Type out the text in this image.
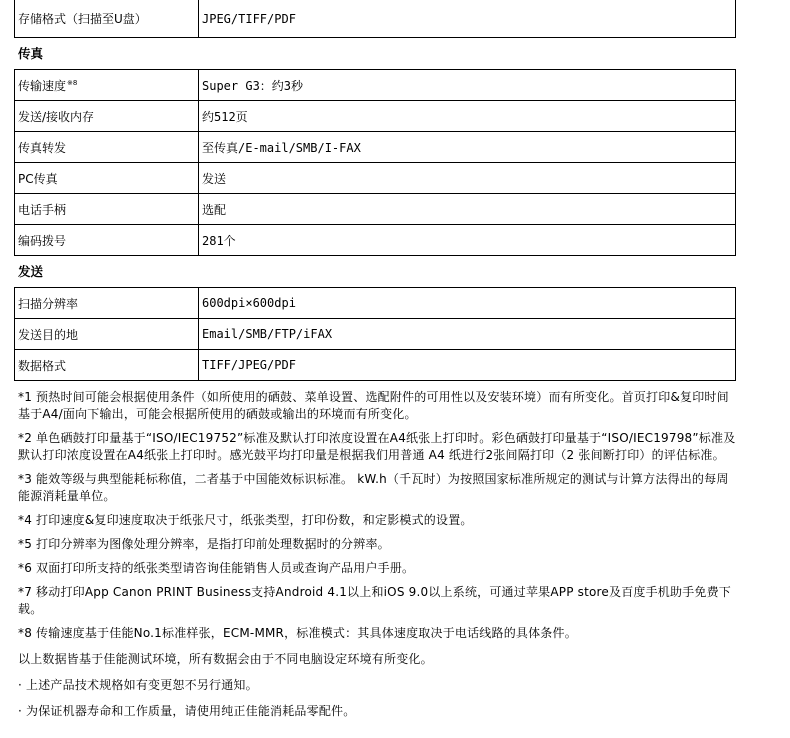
存储格式（扫描至U盘）	JPEG/TIFF/PDF
传真
传输速度$^{※8}$	Super G3：约3秒
发送/接收内存	约512页
传真转发	至传真/E-mail/SMB/I-FAX
PC传真	发送
电话手柄	选配
编码拨号	281个
发送
扫描分辨率	600dpi×600dpi
发送目的地	Email/SMB/FTP/iFAX
数据格式	TIFF/JPEG/PDF

*1 预热时间可能会根据使用条件（如所使用的硒鼓、菜单设置、选配附件的可用性以及安装环境）而有所变化。首页打印&复印时间基于A4/面向下输出，可能会根据所使用的硒鼓或输出的环境而有所变化。

*2 单色硒鼓打印量基于“ISO/IEC19752”标准及默认打印浓度设置在A4纸张上打印时。彩色硒鼓打印量基于“ISO/IEC19798”标准及默认打印浓度设置在A4纸张上打印时。感光鼓平均打印量是根据我们用普通 A4 纸进行2张间隔打印（2 张间断打印）的评估标准。

*3 能效等级与典型能耗标称值，二者基于中国能效标识标准。 kW.h（千瓦时）为按照国家标准所规定的测试与计算方法得出的每周能源消耗量单位。

*4 打印速度&复印速度取决于纸张尺寸，纸张类型，打印份数，和定影模式的设置。

*5 打印分辨率为图像处理分辨率，是指打印前处理数据时的分辨率。

*6 双面打印所支持的纸张类型请咨询佳能销售人员或查询产品用户手册。

*7 移动打印App Canon PRINT Business支持Android 4.1以上和iOS 9.0以上系统，可通过苹果APP store及百度手机助手免费下载。

*8 传输速度基于佳能No.1标准样张，ECM-MMR，标准模式：其具体速度取决于电话线路的具体条件。

以上数据皆基于佳能测试环境，所有数据会由于不同电脑设定环境有所变化。

· 上述产品技术规格如有变更恕不另行通知。

· 为保证机器寿命和工作质量，请使用纯正佳能消耗品零配件。
